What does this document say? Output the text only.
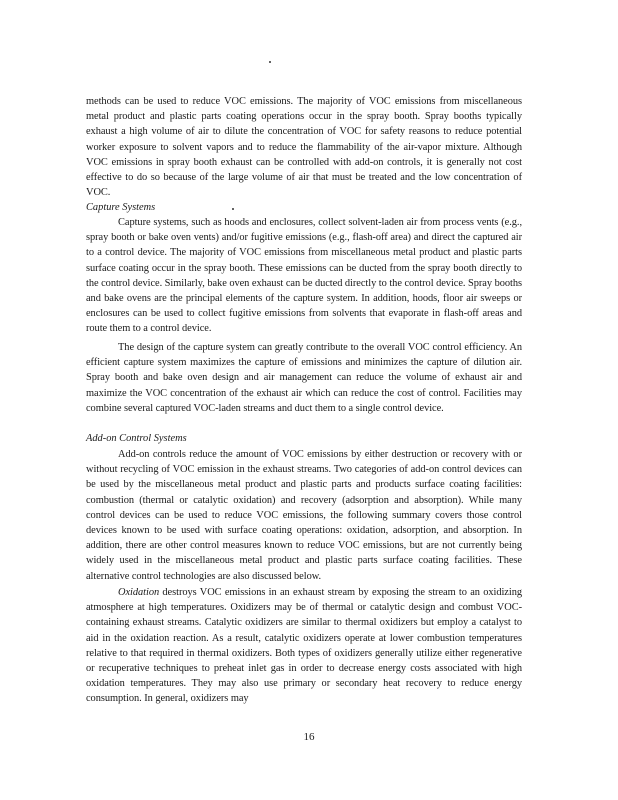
methods can be used to reduce VOC emissions. The majority of VOC emissions from miscellaneous metal product and plastic parts coating operations occur in the spray booth. Spray booths typically exhaust a high volume of air to dilute the concentration of VOC for safety reasons to reduce potential worker exposure to solvent vapors and to reduce the flammability of the air-vapor mixture. Although VOC emissions in spray booth exhaust can be controlled with add-on controls, it is generally not cost effective to do so because of the large volume of air that must be treated and the low concentration of VOC.

Capture Systems

Capture systems, such as hoods and enclosures, collect solvent-laden air from process vents (e.g., spray booth or bake oven vents) and/or fugitive emissions (e.g., flash-off area) and direct the captured air to a control device. The majority of VOC emissions from miscellaneous metal product and plastic parts surface coating occur in the spray booth. These emissions can be ducted from the spray booth directly to the control device. Similarly, bake oven exhaust can be ducted directly to the control device. Spray booths and bake ovens are the principal elements of the capture system. In addition, hoods, floor air sweeps or enclosures can be used to collect fugitive emissions from solvents that evaporate in flash-off areas and route them to a control device.

The design of the capture system can greatly contribute to the overall VOC control efficiency. An efficient capture system maximizes the capture of emissions and minimizes the capture of dilution air. Spray booth and bake oven design and air management can reduce the volume of exhaust air and maximize the VOC concentration of the exhaust air which can reduce the cost of control. Facilities may combine several captured VOC-laden streams and duct them to a single control device.

Add-on Control Systems

Add-on controls reduce the amount of VOC emissions by either destruction or recovery with or without recycling of VOC emission in the exhaust streams. Two categories of add-on control devices can be used by the miscellaneous metal product and plastic parts and products surface coating facilities: combustion (thermal or catalytic oxidation) and recovery (adsorption and absorption). While many control devices can be used to reduce VOC emissions, the following summary covers those control devices known to be used with surface coating operations: oxidation, adsorption, and absorption. In addition, there are other control measures known to reduce VOC emissions, but are not currently being widely used in the miscellaneous metal product and plastic parts surface coating facilities. These alternative control technologies are also discussed below.

Oxidation destroys VOC emissions in an exhaust stream by exposing the stream to an oxidizing atmosphere at high temperatures. Oxidizers may be of thermal or catalytic design and combust VOC-containing exhaust streams. Catalytic oxidizers are similar to thermal oxidizers but employ a catalyst to aid in the oxidation reaction. As a result, catalytic oxidizers operate at lower combustion temperatures relative to that required in thermal oxidizers. Both types of oxidizers generally utilize either regenerative or recuperative techniques to preheat inlet gas in order to decrease energy costs associated with high oxidation temperatures. They may also use primary or secondary heat recovery to reduce energy consumption. In general, oxidizers may

16
